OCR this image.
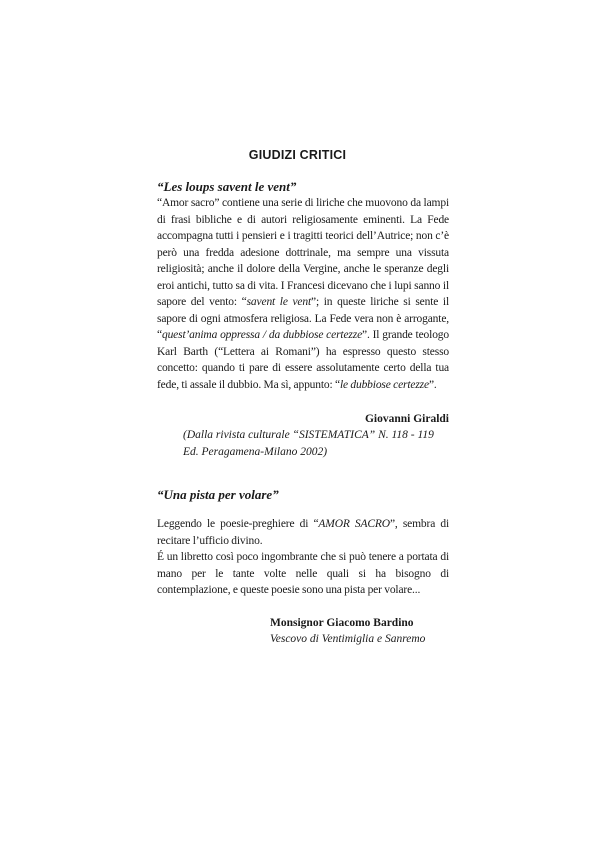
GIUDIZI CRITICI
“Les loups savent le vent”
“Amor sacro” contiene una serie di liriche che muovono da lampi di frasi bibliche e di autori religiosamente eminenti. La Fede accompagna tutti i pensieri e i tragitti teorici dell’Autrice; non c’è però una fredda adesione dottrinale, ma sempre una vissuta religiosità; anche il dolore della Vergine, anche le speranze degli eroi antichi, tutto sa di vita. I Francesi dicevano che i lupi sanno il sapore del vento: “savent le vent”; in queste liriche si sente il sapore di ogni atmosfera religiosa. La Fede vera non è arrogante, “quest’anima oppressa / da dubbiose certezze”. Il grande teologo Karl Barth (“Lettera ai Romani”) ha espresso questo stesso concetto: quando ti pare di essere assolutamente certo della tua fede, ti assale il dubbio. Ma sì, appunto: “le dubbiose certezze”.
Giovanni Giraldi
(Dalla rivista culturale “SISTEMATICA” N. 118 - 119
Ed. Peragamena-Milano 2002)
“Una pista per volare”
Leggendo le poesie-preghiere di “AMOR SACRO”, sembra di recitare l’ufficio divino.
É un libretto così poco ingombrante che si può tenere a portata di mano per le tante volte nelle quali si ha bisogno di contemplazione, e queste poesie sono una pista per volare...
Monsignor Giacomo Bardino
Vescovo di Ventimiglia e Sanremo
